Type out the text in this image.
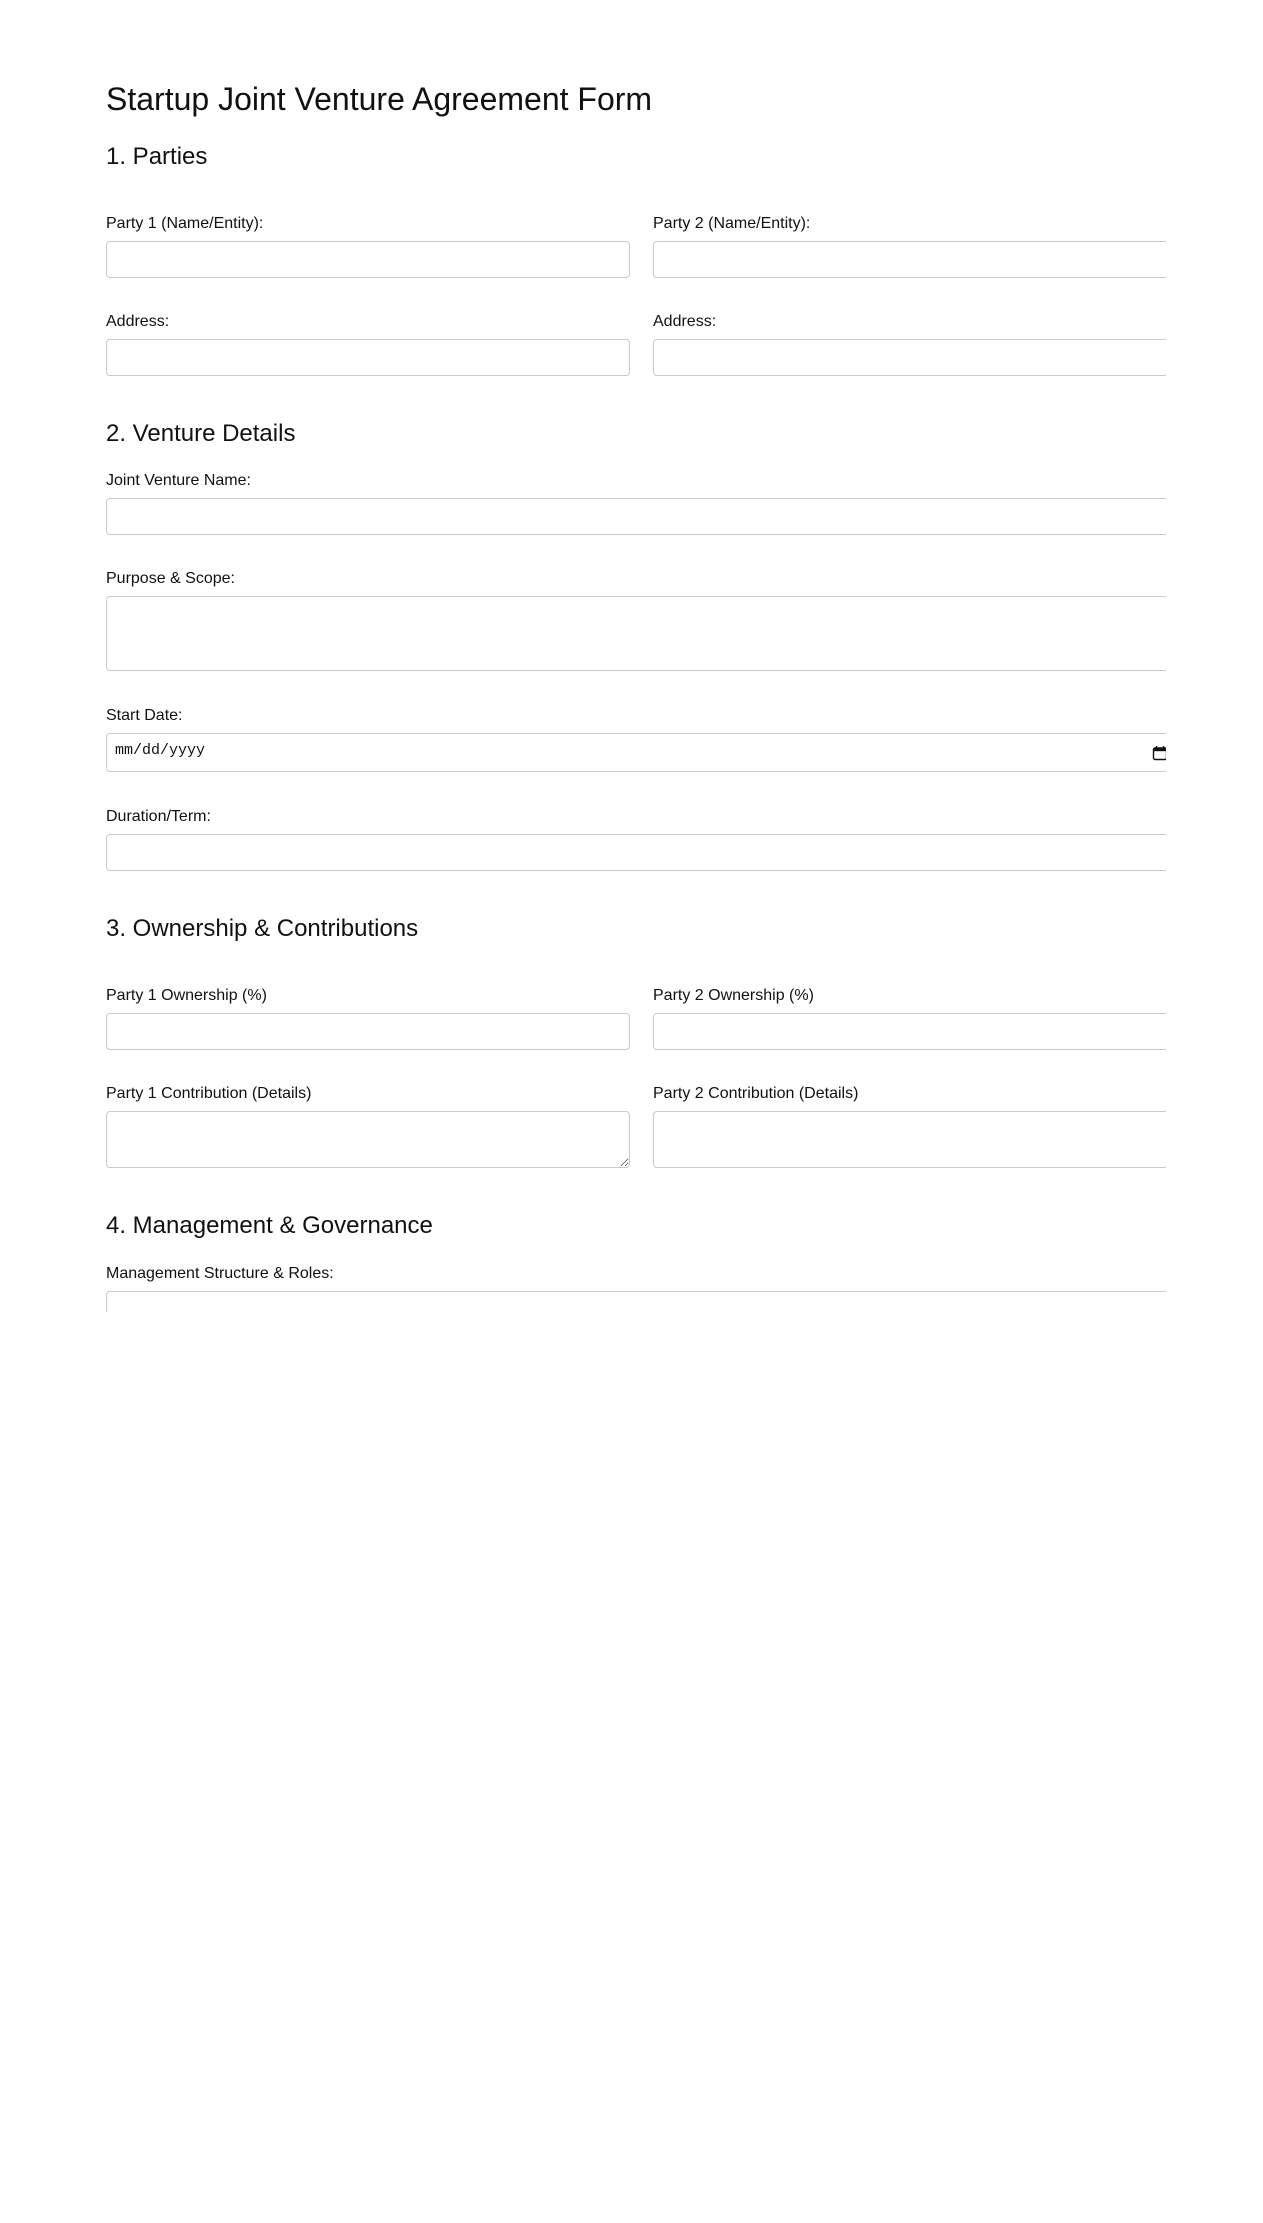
Startup Joint Venture Agreement Form
1. Parties
Party 1 (Name/Entity):	Party 2 (Name/Entity):
Address:	Address:
2. Venture Details
Joint Venture Name:
Purpose & Scope:
Start Date:
mm/dd/yyyy
Duration/Term:
3. Ownership & Contributions
Party 1 Ownership (%)	Party 2 Ownership (%)
Party 1 Contribution (Details)	Party 2 Contribution (Details)
4. Management & Governance
Management Structure & Roles:
